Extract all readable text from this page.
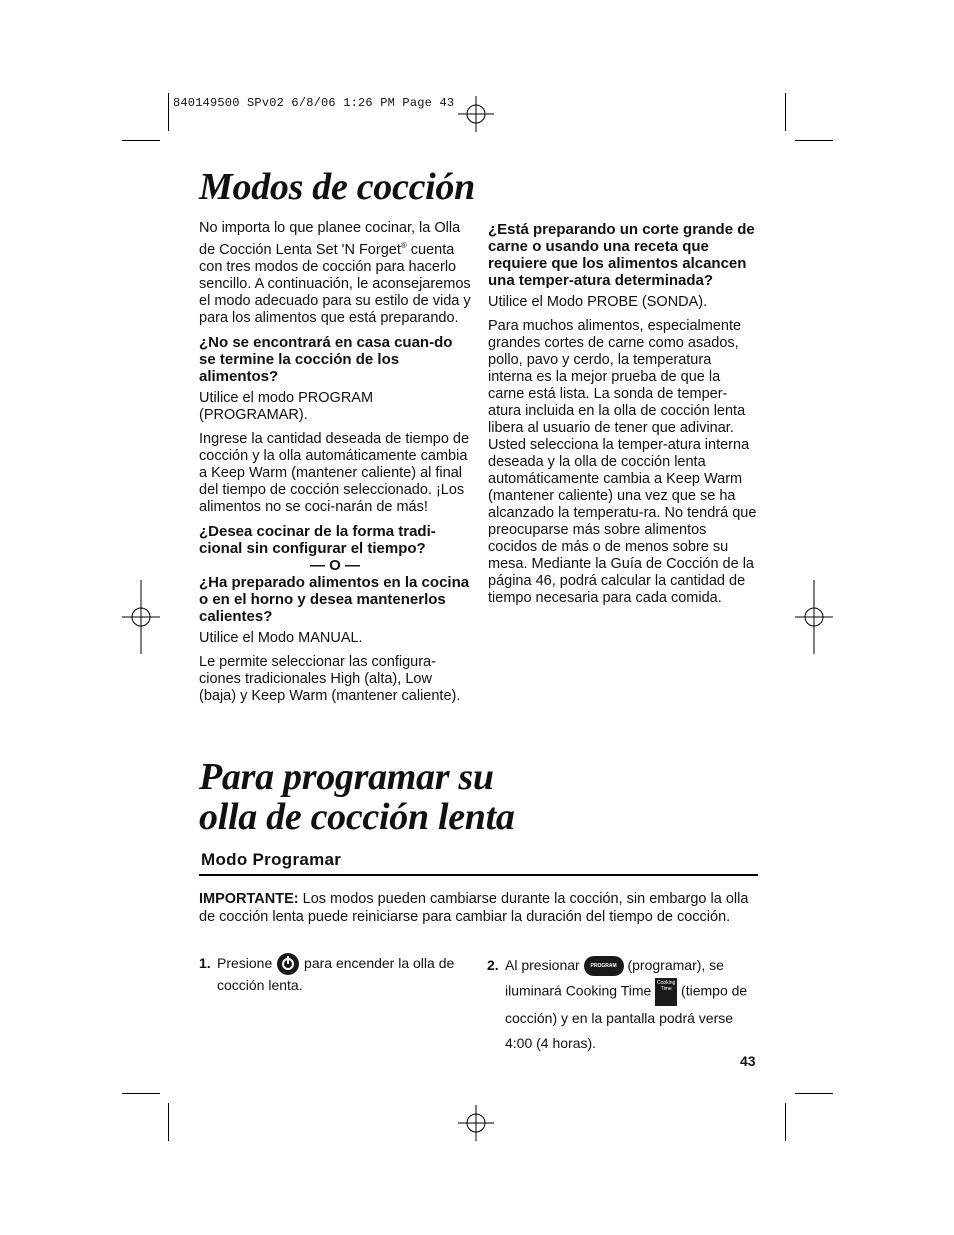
840149500 SPv02 6/8/06 1:26 PM Page 43
Modos de cocción

No importa lo que planee cocinar, la Olla de Cocción Lenta Set 'N Forget® cuenta con tres modos de cocción para hacerlo sencillo. A continuación, le aconsejaremos el modo adecuado para su estilo de vida y para los alimentos que está preparando.

¿No se encontrará en casa cuan-do se termine la cocción de los alimentos?

Utilice el modo PROGRAM (PROGRAMAR).

Ingrese la cantidad deseada de tiempo de cocción y la olla automáticamente cambia a Keep Warm (mantener caliente) al final del tiempo de cocción seleccionado. ¡Los alimentos no se coci-narán de más!

¿Desea cocinar de la forma tradi-cional sin configurar el tiempo?
— O —
¿Ha preparado alimentos en la cocina o en el horno y desea mantenerlos calientes?

Utilice el Modo MANUAL.

Le permite seleccionar las configura-ciones tradicionales High (alta), Low (baja) y Keep Warm (mantener caliente).

¿Está preparando un corte grande de carne o usando una receta que requiere que los alimentos alcancen una temper-atura determinada?

Utilice el Modo PROBE (SONDA).

Para muchos alimentos, especialmente grandes cortes de carne como asados, pollo, pavo y cerdo, la temperatura interna es la mejor prueba de que la carne está lista. La sonda de temper-atura incluida en la olla de cocción lenta libera al usuario de tener que adivinar. Usted selecciona la temper-atura interna deseada y la olla de cocción lenta automáticamente cambia a Keep Warm (mantener caliente) una vez que se ha alcanzado la temperatu-ra. No tendrá que preocuparse más sobre alimentos cocidos de más o de menos sobre su mesa. Mediante la Guía de Cocción de la página 46, podrá calcular la cantidad de tiempo necesaria para cada comida.

Para programar su
olla de cocción lenta
Modo Programar
IMPORTANTE: Los modos pueden cambiarse durante la cocción, sin embargo la olla de cocción lenta puede reiniciarse para cambiar la duración del tiempo de cocción.
1. Presione  para encender la olla de cocción lenta.
2. Al presionar PROGRAM (programar), se iluminará Cooking Time Cooking
Time (tiempo de cocción) y en la pantalla podrá verse 4:00 (4 horas).
43
